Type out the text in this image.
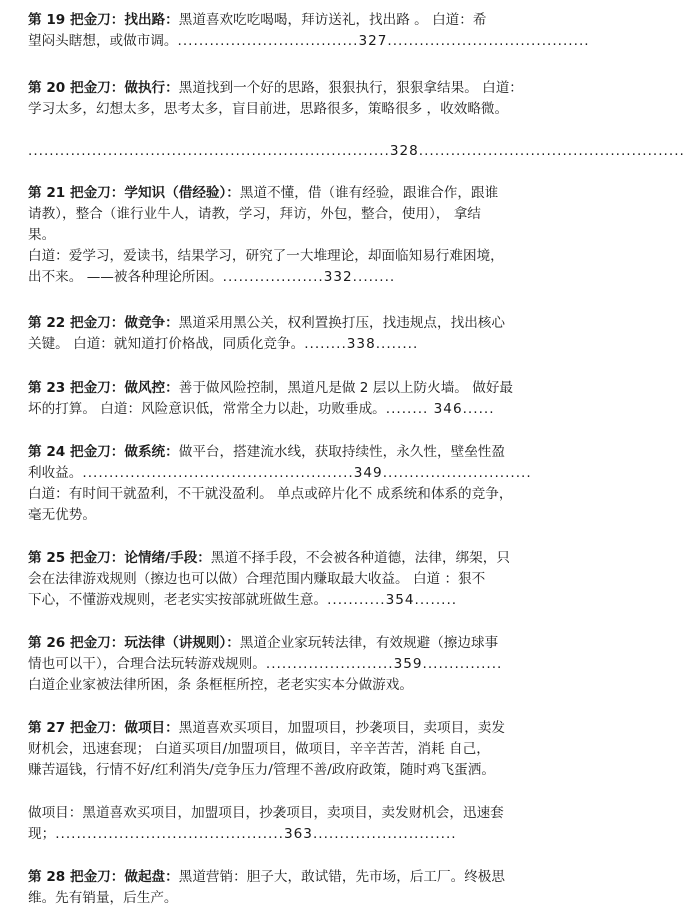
第 19 把金刀：找出路：黑道喜欢吃吃喝喝，拜访送礼，找出路 。 白道：希
望闷头瞎想，或做市调。..................................327......................................
第 20 把金刀：做执行：黑道找到一个好的思路，狠狠执行，狠狠拿结果。 白道：
学习太多，幻想太多，思考太多，盲目前进，思路很多，策略很多 ，收效略微。
....................................................................328..................................................
第 21 把金刀：学知识（借经验）：黑道不懂，借（谁有经验，跟谁合作，跟谁
请教），整合（谁行业牛人，请教，学习，拜访，外包，整合，使用）， 拿结
果。
白道：爱学习，爱读书，结果学习，研究了一大堆理论，却面临知易行难困境，
出不来。 ——被各种理论所困。...................332........
第 22 把金刀：做竞争：黑道采用黑公关，权利置换打压，找违规点，找出核心
关键。 白道：就知道打价格战，同质化竞争。........338........
第 23 把金刀：做风控：善于做风险控制，黑道凡是做 2 层以上防火墙。 做好最
坏的打算。 白道：风险意识低，常常全力以赴，功败垂成。........ 346......
第 24 把金刀：做系统：做平台，搭建流水线，获取持续性，永久性，壁垒性盈
利收益。...................................................349............................
白道：有时间干就盈利，不干就没盈利。 单点或碎片化不 成系统和体系的竞争，
毫无优势。
第 25 把金刀：论情绪/手段：黑道不择手段，不会被各种道德，法律，绑架，只
会在法律游戏规则（擦边也可以做）合理范围内赚取最大收益。 白道 ：狠不
下心，不懂游戏规则，老老实实按部就班做生意。...........354........
第 26 把金刀：玩法律（讲规则）：黑道企业家玩转法律，有效规避（擦边球事
情也可以干），合理合法玩转游戏规则。........................359...............
白道企业家被法律所困，条 条框框所控，老老实实本分做游戏。
第 27 把金刀：做项目：黑道喜欢买项目，加盟项目，抄袭项目，卖项目，卖发
财机会，迅速套现； 白道买项目/加盟项目，做项目，辛辛苦苦，消耗 自己，
赚苦逼钱，行情不好/红利消失/竞争压力/管理不善/政府政策，随时鸡飞蛋洒。
做项目：黑道喜欢买项目，加盟项目，抄袭项目，卖项目，卖发财机会，迅速套
现；...........................................363...........................
第 28 把金刀：做起盘：黑道营销：胆子大，敢试错，先市场，后工厂。终极思
维。先有销量，后生产。
